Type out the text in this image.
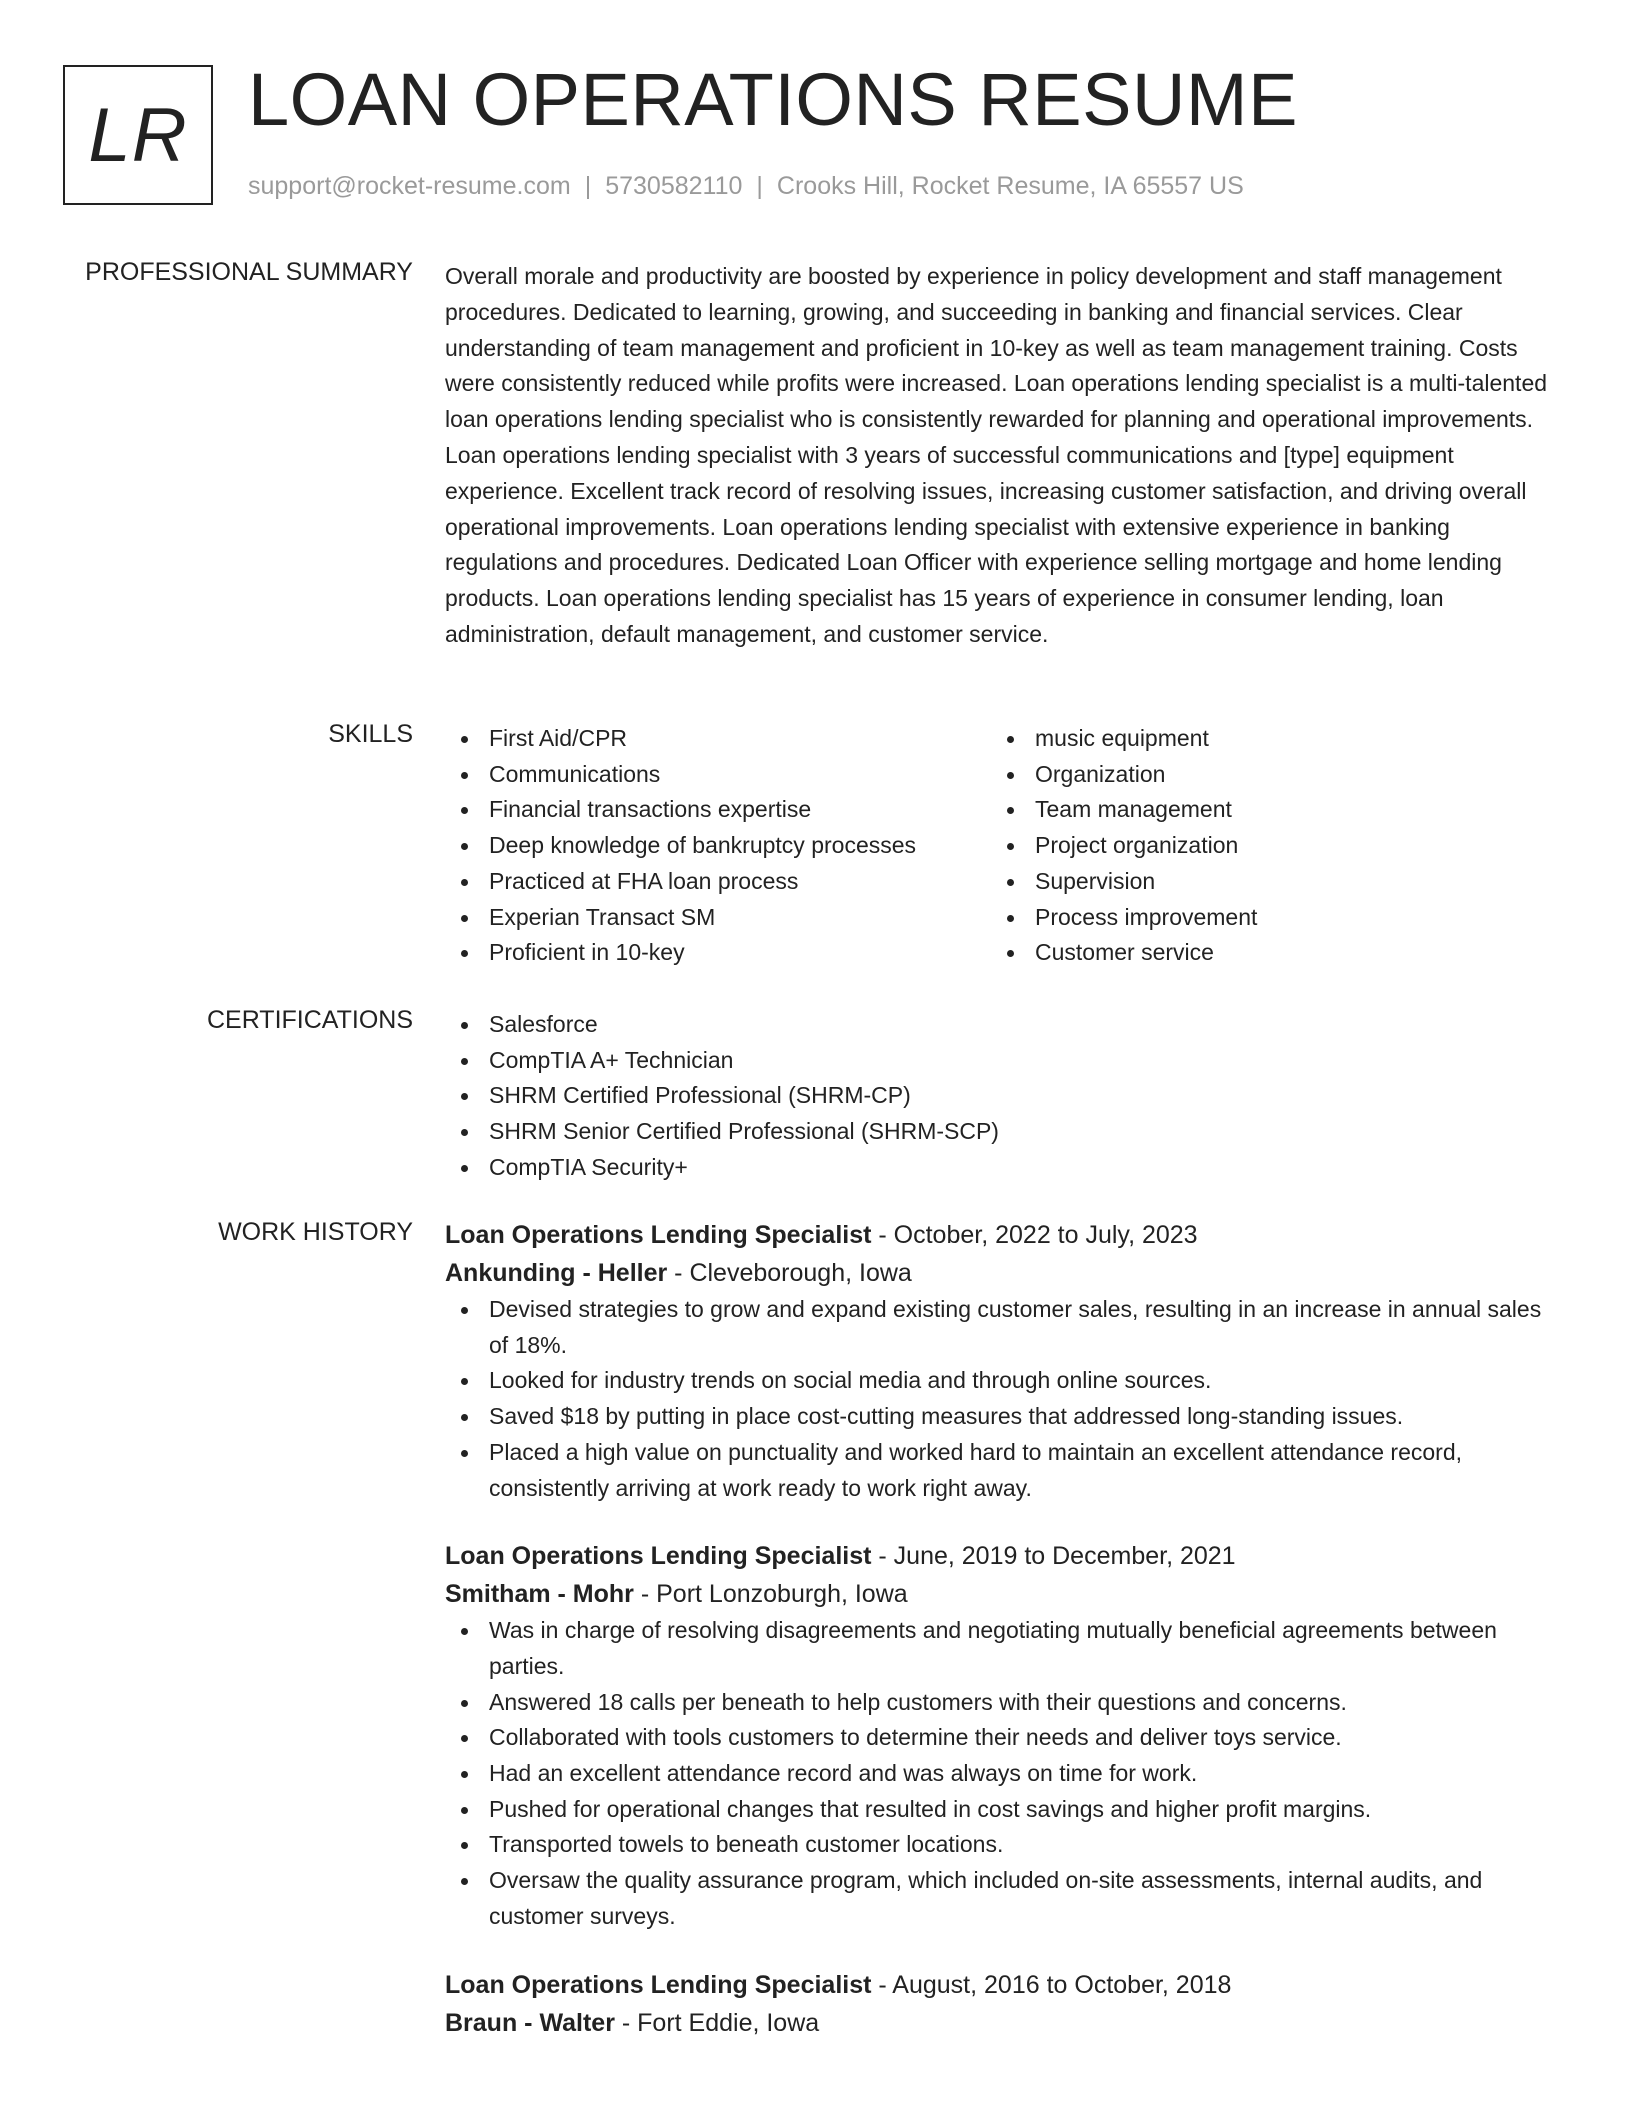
LR LOAN OPERATIONS RESUME
support@rocket-resume.com | 5730582110 | Crooks Hill, Rocket Resume, IA 65557 US
PROFESSIONAL SUMMARY Overall morale and productivity are boosted by experience in policy development and staff management procedures. Dedicated to learning, growing, and succeeding in banking and financial services. Clear understanding of team management and proficient in 10-key as well as team management training. Costs were consistently reduced while profits were increased. Loan operations lending specialist is a multi-talented loan operations lending specialist who is consistently rewarded for planning and operational improvements. Loan operations lending specialist with 3 years of successful communications and [type] equipment experience. Excellent track record of resolving issues, increasing customer satisfaction, and driving overall operational improvements. Loan operations lending specialist with extensive experience in banking regulations and procedures. Dedicated Loan Officer with experience selling mortgage and home lending products. Loan operations lending specialist has 15 years of experience in consumer lending, loan administration, default management, and customer service.

SKILLS	First Aid/CPR
Communications
Financial transactions expertise
Deep knowledge of bankruptcy processes
Practiced at FHA loan process
Experian Transact SM
Proficient in 10-key
music equipment
Organization
Team management
Project organization
Supervision
Process improvement
Customer service
CERTIFICATIONS	Salesforce
CompTIA A+ Technician
SHRM Certified Professional (SHRM-CP)
SHRM Senior Certified Professional (SHRM-SCP)
CompTIA Security+
WORK HISTORY Loan Operations Lending Specialist - October, 2022 to July, 2023
Ankunding - Heller - Cleveborough, Iowa
Devised strategies to grow and expand existing customer sales, resulting in an increase in annual sales of 18%.
Looked for industry trends on social media and through online sources.
Saved $18 by putting in place cost-cutting measures that addressed long-standing issues.
Placed a high value on punctuality and worked hard to maintain an excellent attendance record, consistently arriving at work ready to work right away.
Loan Operations Lending Specialist - June, 2019 to December, 2021
Smitham - Mohr - Port Lonzoburgh, Iowa
Was in charge of resolving disagreements and negotiating mutually beneficial agreements between parties.
Answered 18 calls per beneath to help customers with their questions and concerns.
Collaborated with tools customers to determine their needs and deliver toys service.
Had an excellent attendance record and was always on time for work.
Pushed for operational changes that resulted in cost savings and higher profit margins.
Transported towels to beneath customer locations.
Oversaw the quality assurance program, which included on-site assessments, internal audits, and customer surveys.
Loan Operations Lending Specialist - August, 2016 to October, 2018
Braun - Walter - Fort Eddie, Iowa
